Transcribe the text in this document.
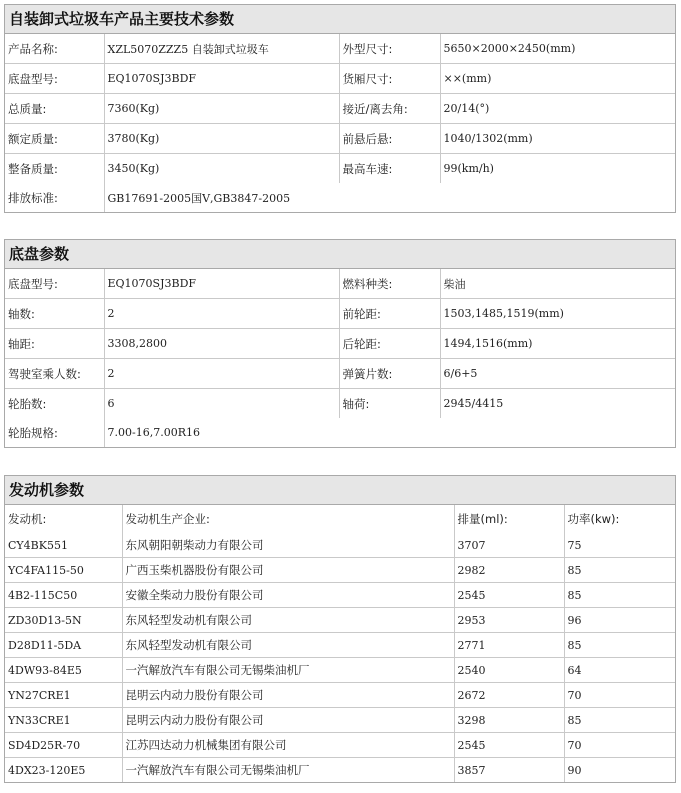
自装卸式垃圾车产品主要技术参数
产品名称:	XZL5070ZZZ5 自装卸式垃圾车	外型尺寸:	5650×2000×2450(mm)
底盘型号:	EQ1070SJ3BDF	货厢尺寸:	××(mm)
总质量:	7360(Kg)	接近/离去角:	20/14(°)
额定质量:	3780(Kg)	前悬后悬:	1040/1302(mm)
整备质量:	3450(Kg)	最高车速:	99(km/h)
排放标准:	GB17691-2005国Ⅴ,GB3847-2005		
底盘参数
底盘型号:	EQ1070SJ3BDF	燃料种类:	柴油
轴数:	2	前轮距:	1503,1485,1519(mm)
轴距:	3308,2800	后轮距:	1494,1516(mm)
驾驶室乘人数:	2	弹簧片数:	6/6+5
轮胎数:	6	轴荷:	2945/4415
轮胎规格:	7.00-16,7.00R16		
发动机参数
发动机:	发动机生产企业:	排量(ml):	功率(kw):
CY4BK551	东风朝阳朝柴动力有限公司	3707	75
YC4FA115-50	广西玉柴机器股份有限公司	2982	85
4B2-115C50	安徽全柴动力股份有限公司	2545	85
ZD30D13-5N	东风轻型发动机有限公司	2953	96
D28D11-5DA	东风轻型发动机有限公司	2771	85
4DW93-84E5	一汽解放汽车有限公司无锡柴油机厂	2540	64
YN27CRE1	昆明云内动力股份有限公司	2672	70
YN33CRE1	昆明云内动力股份有限公司	3298	85
SD4D25R-70	江苏四达动力机械集团有限公司	2545	70
4DX23-120E5	一汽解放汽车有限公司无锡柴油机厂	3857	90
